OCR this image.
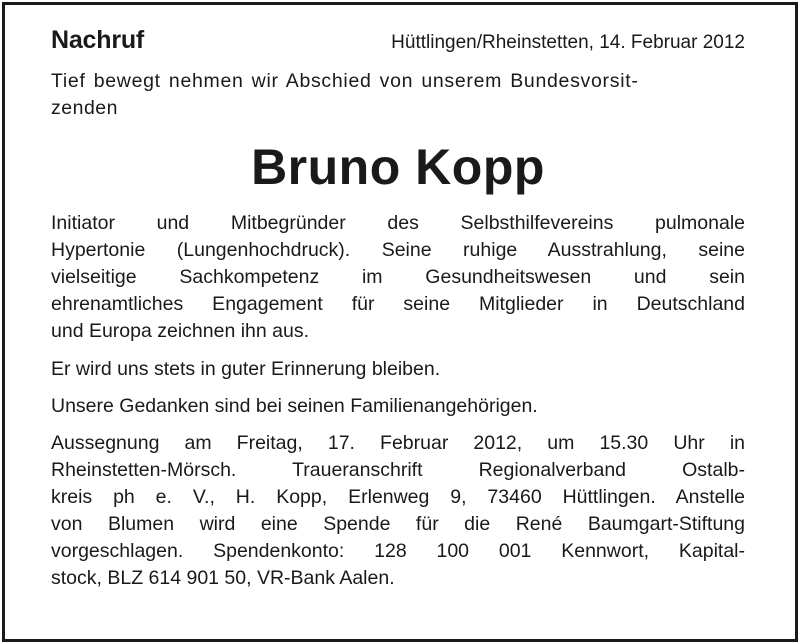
Nachruf	Hüttlingen/Rheinstetten, 14. Februar 2012
Tief bewegt nehmen wir Abschied von unserem Bundesvorsit-
zenden
Bruno Kopp
Initiator und Mitbegründer des Selbsthilfevereins pulmonale
Hypertonie (Lungenhochdruck). Seine ruhige Ausstrahlung, seine
vielseitige Sachkompetenz im Gesundheitswesen und sein
ehrenamtliches Engagement für seine Mitglieder in Deutschland
und Europa zeichnen ihn aus.
Er wird uns stets in guter Erinnerung bleiben.
Unsere Gedanken sind bei seinen Familienangehörigen.
Aussegnung am Freitag, 17. Februar 2012, um 15.30 Uhr in
Rheinstetten-Mörsch. Traueranschrift Regionalverband Ostalb-
kreis ph e. V., H. Kopp, Erlenweg 9, 73460 Hüttlingen. Anstelle
von Blumen wird eine Spende für die René Baumgart-Stiftung
vorgeschlagen. Spendenkonto: 128 100 001 Kennwort, Kapital-
stock, BLZ 614 901 50, VR-Bank Aalen.
